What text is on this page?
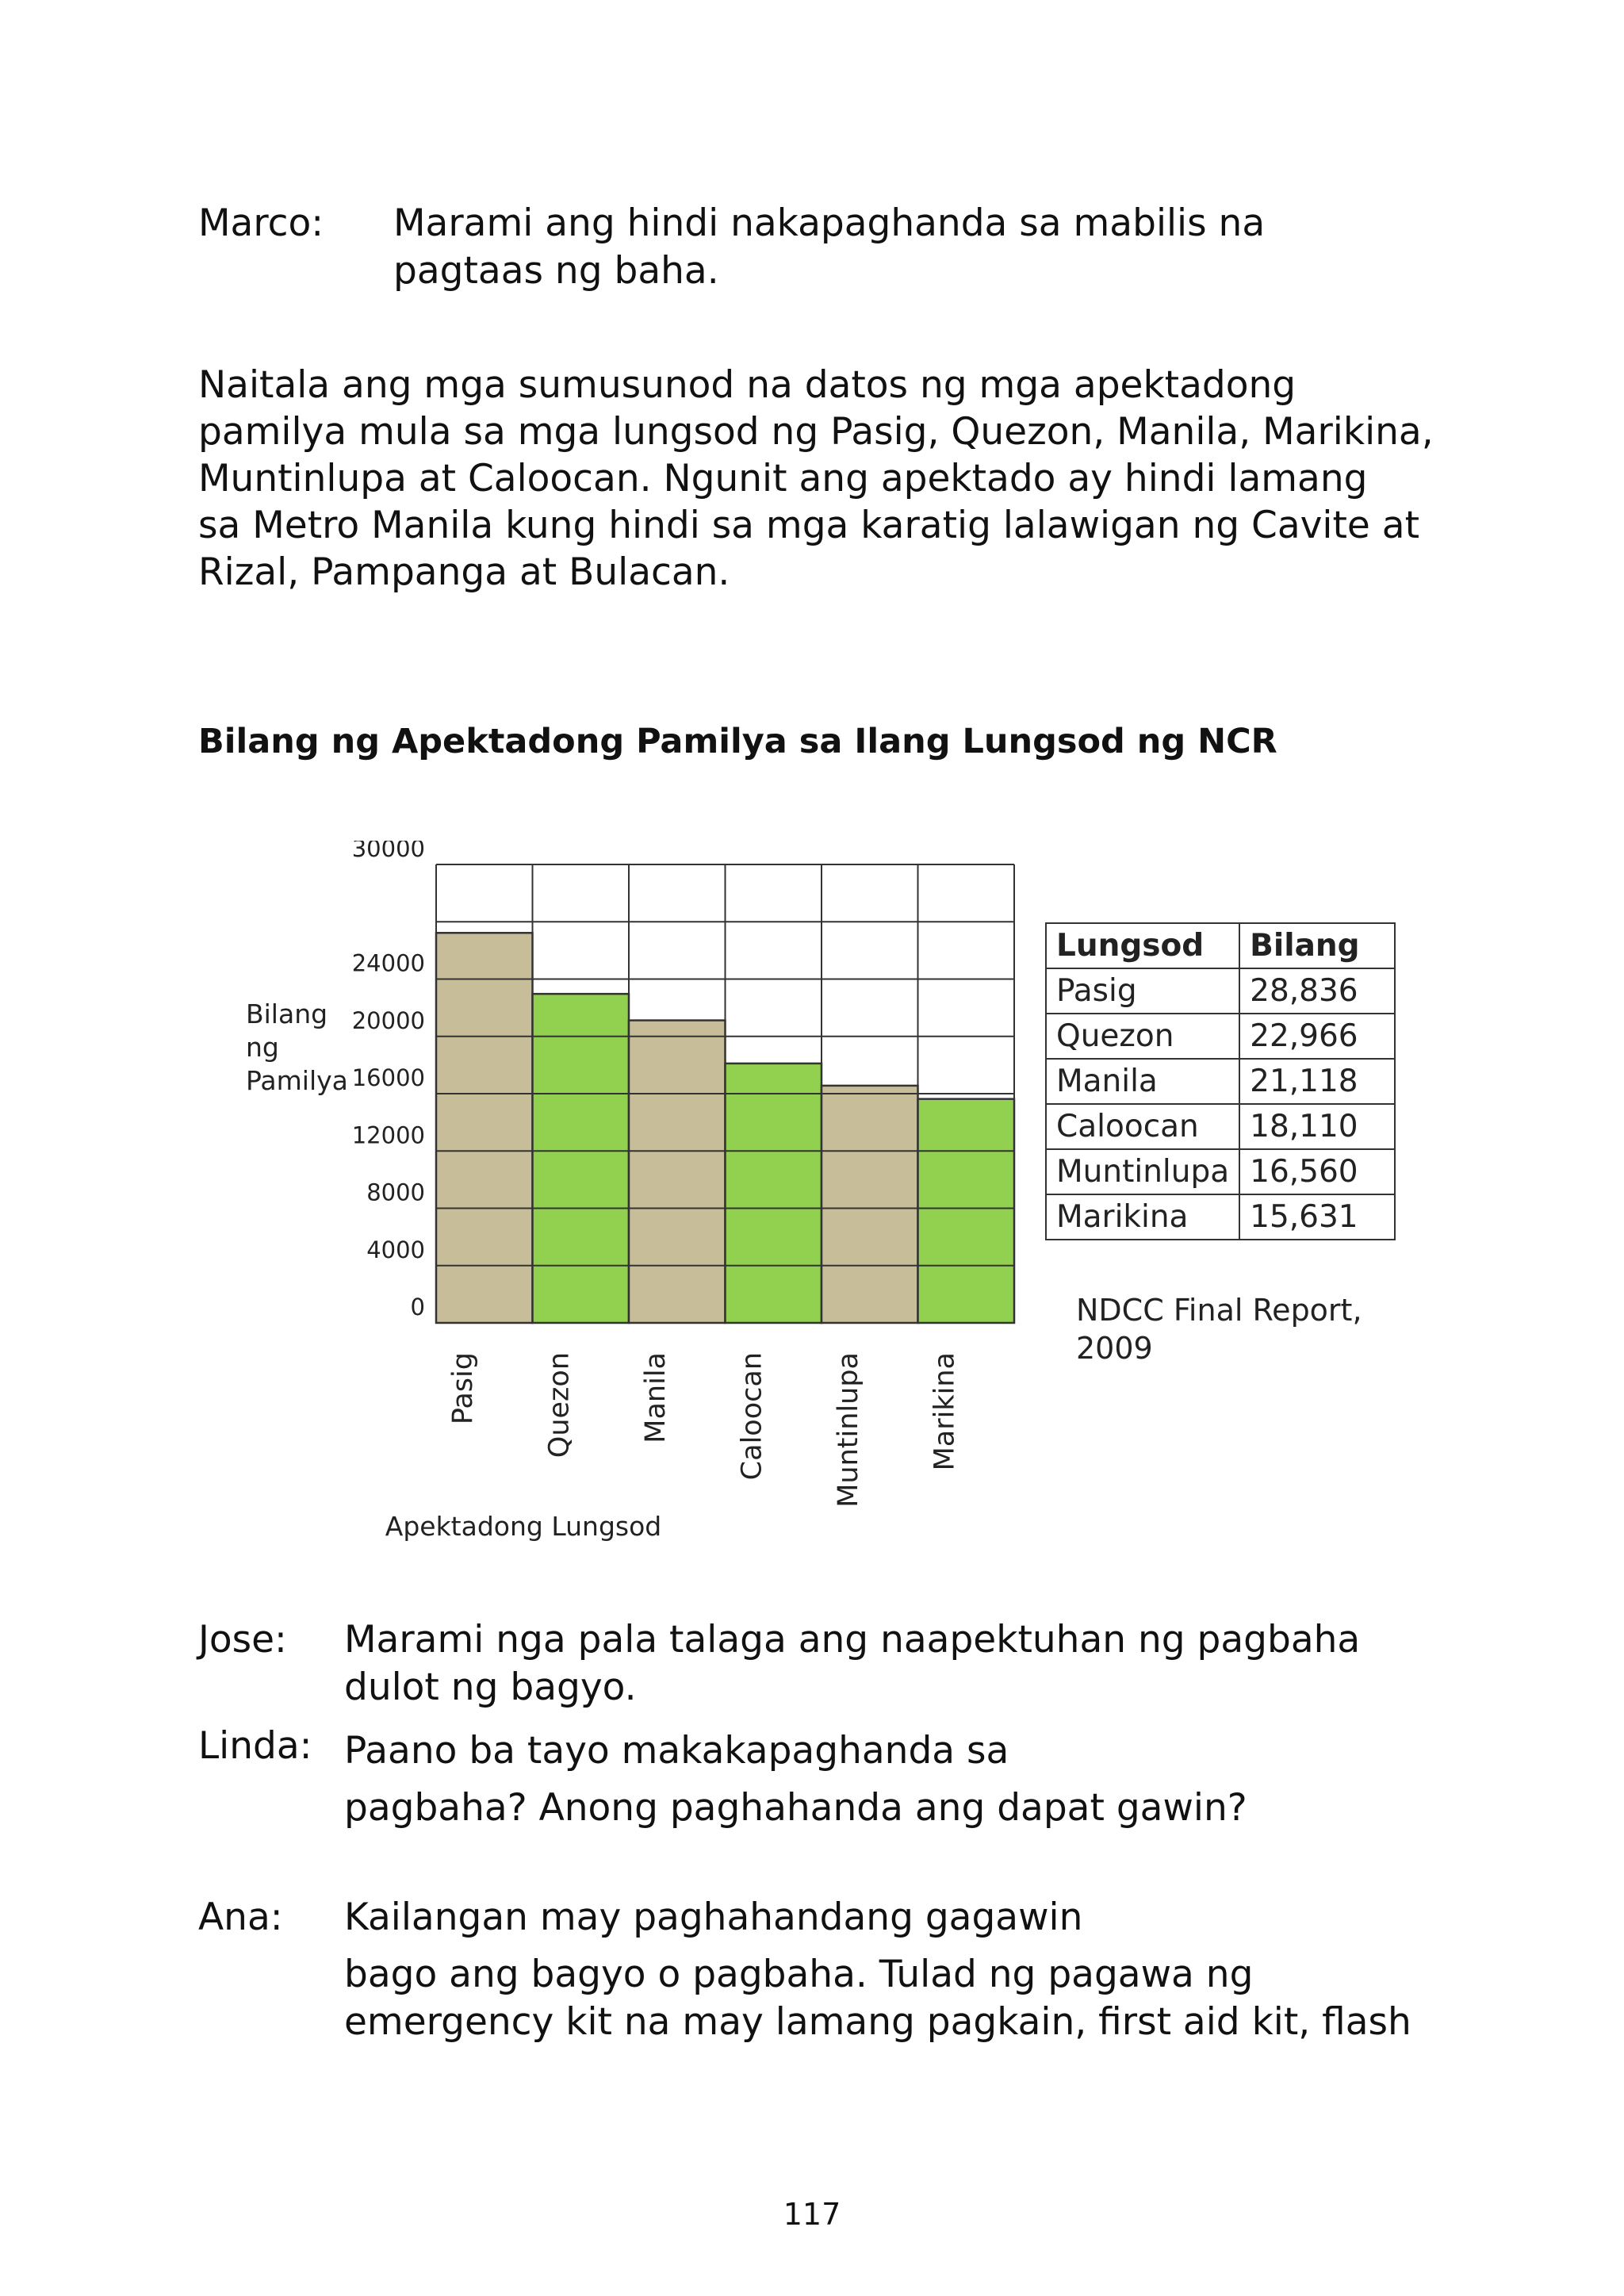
Marco: Marami ang hindi nakapaghanda sa mabilis na
pagtaas ng baha.
Naitala ang mga sumusunod na datos ng mga apektadong
pamilya mula sa mga lungsod ng Pasig, Quezon, Manila, Marikina,
Muntinlupa at Caloocan. Ngunit ang apektado ay hindi lamang
sa Metro Manila kung hindi sa mga karatig lalawigan ng Cavite at
Rizal, Pampanga at Bulacan.
Bilang ng Apektadong Pamilya sa Ilang Lungsod ng NCR
0
4000
8000
12000
16000
20000
24000
30000
Pasig Quezon Manila Caloocan Muntinlupa Marikina
Bilang
ng
Pamilya
Apektadong Lungsod
Lungsod	Bilang
Pasig	28,836
Quezon	22,966
Manila	21,118
Caloocan	18,110
Muntinlupa	16,560
Marikina	15,631
NDCC Final Report,
2009
Jose: Marami nga pala talaga ang naapektuhan ng pagbaha
dulot ng bagyo.
Linda: Paano ba tayo makakapaghanda sa
pagbaha? Anong paghahanda ang dapat gawin?
Ana: Kailangan may paghahandang gagawin
bago ang bagyo o pagbaha. Tulad ng pagawa ng
emergency kit na may lamang pagkain, first aid kit, flash
117
